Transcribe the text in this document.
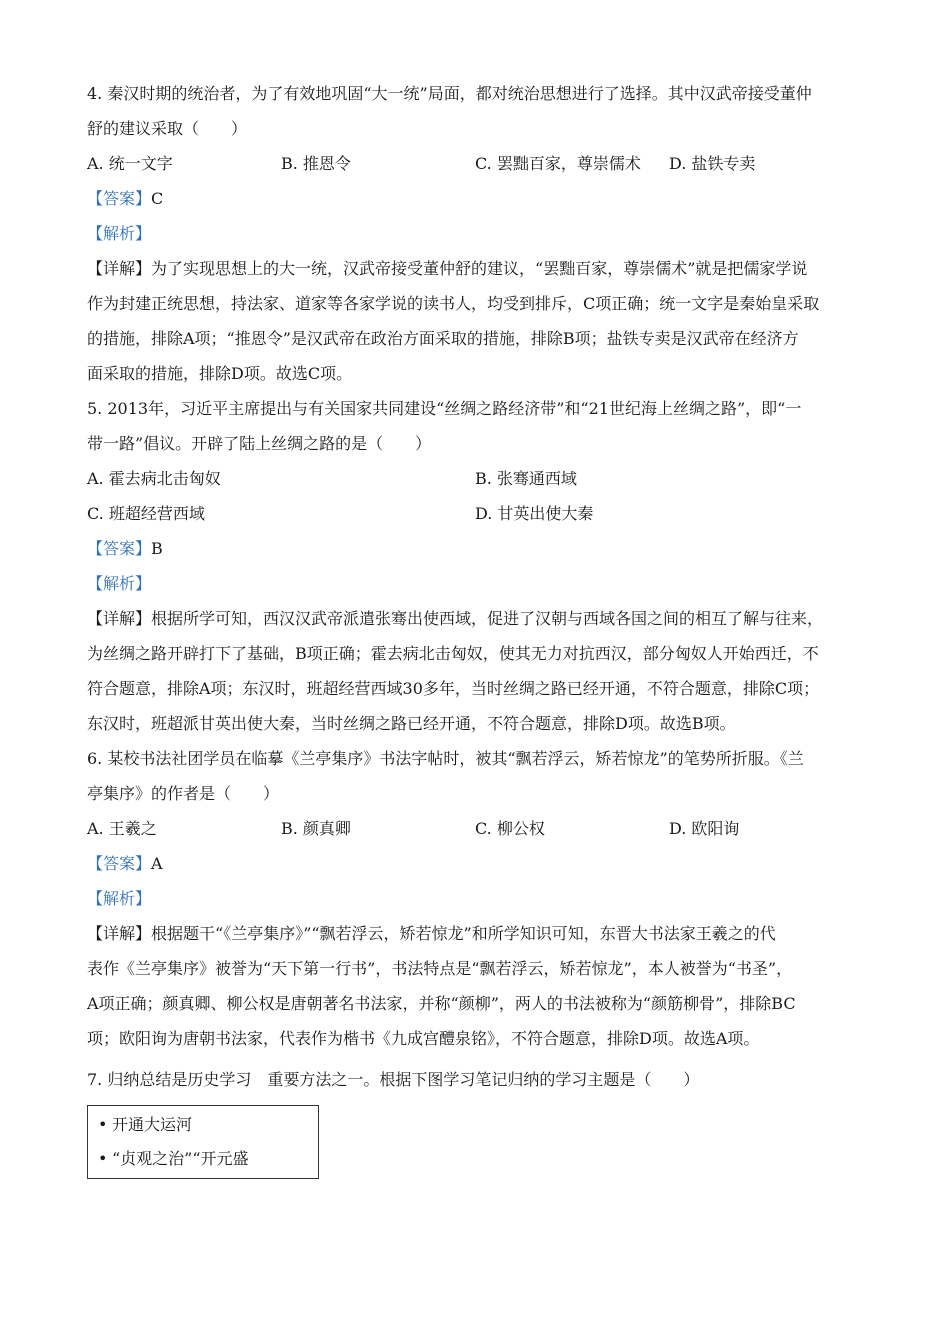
4. 秦汉时期的统治者，为了有效地巩固“大一统”局面，都对统治思想进行了选择。其中汉武帝接受董仲
舒的建议采取（　　）
A. 统一文字	B. 推恩令	C. 罢黜百家，尊崇儒术	D. 盐铁专卖
【答案】C
【解析】
【详解】为了实现思想上的大一统，汉武帝接受董仲舒的建议，“罢黜百家，尊崇儒术”就是把儒家学说
作为封建正统思想，持法家、道家等各家学说的读书人，均受到排斥，C项正确；统一文字是秦始皇采取
的措施，排除A项；“推恩令”是汉武帝在政治方面采取的措施，排除B项；盐铁专卖是汉武帝在经济方
面采取的措施，排除D项。故选C项。
5. 2013年，习近平主席提出与有关国家共同建设“丝绸之路经济带”和“21世纪海上丝绸之路”，即“一
带一路”倡议。开辟了陆上丝绸之路的是（　　）
A. 霍去病北击匈奴	B. 张骞通西域
C. 班超经营西域	D. 甘英出使大秦
【答案】B
【解析】
【详解】根据所学可知，西汉汉武帝派遣张骞出使西域，促进了汉朝与西域各国之间的相互了解与往来，
为丝绸之路开辟打下了基础，B项正确；霍去病北击匈奴，使其无力对抗西汉，部分匈奴人开始西迁，不
符合题意，排除A项；东汉时，班超经营西域30多年，当时丝绸之路已经开通，不符合题意，排除C项；
东汉时，班超派甘英出使大秦，当时丝绸之路已经开通，不符合题意，排除D项。故选B项。
6. 某校书法社团学员在临摹《兰亭集序》书法字帖时，被其“飘若浮云，矫若惊龙”的笔势所折服。《兰
亭集序》的作者是（　　）
A. 王羲之	B. 颜真卿	C. 柳公权	D. 欧阳询
【答案】A
【解析】
【详解】根据题干“《兰亭集序》”“飘若浮云，矫若惊龙”和所学知识可知，东晋大书法家王羲之的代
表作《兰亭集序》被誉为“天下第一行书”，书法特点是“飘若浮云，矫若惊龙”，本人被誉为“书圣”，
A项正确；颜真卿、柳公权是唐朝著名书法家，并称“颜柳”，两人的书法被称为“颜筋柳骨”，排除BC
项；欧阳询为唐朝书法家，代表作为楷书《九成宫醴泉铭》，不符合题意，排除D项。故选A项。
7. 归纳总结是历史学习　重要方法之一。根据下图学习笔记归纳的学习主题是（　　）
• 开通大运河
• “贞观之治”“开元盛
